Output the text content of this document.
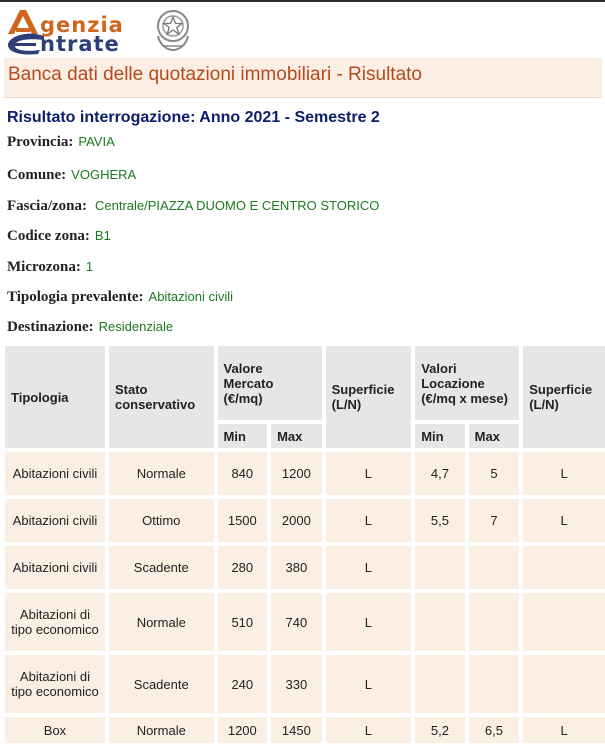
genzia
ntrate
Banca dati delle quotazioni immobiliari - Risultato
Risultato interrogazione: Anno 2021 - Semestre 2
Provincia: PAVIA
Comune: VOGHERA
Fascia/zona: Centrale/PIAZZA DUOMO E CENTRO STORICO
Codice zona: B1
Microzona: 1
Tipologia prevalente: Abitazioni civili
Destinazione: Residenziale
Tipologia	Stato conservativo	Valore Mercato (€/mq)		Superficie (L/N)	Valori Locazione (€/mq x mese)		Superficie (L/N)
		Min	Max		Min	Max	
Abitazioni civili	Normale	840	1200	L	4,7	5	L
Abitazioni civili	Ottimo	1500	2000	L	5,5	7	L
Abitazioni civili	Scadente	280	380	L			
Abitazioni di tipo economico	Normale	510	740	L			
Abitazioni di tipo economico	Scadente	240	330	L			
Box	Normale	1200	1450	L	5,2	6,5	L
